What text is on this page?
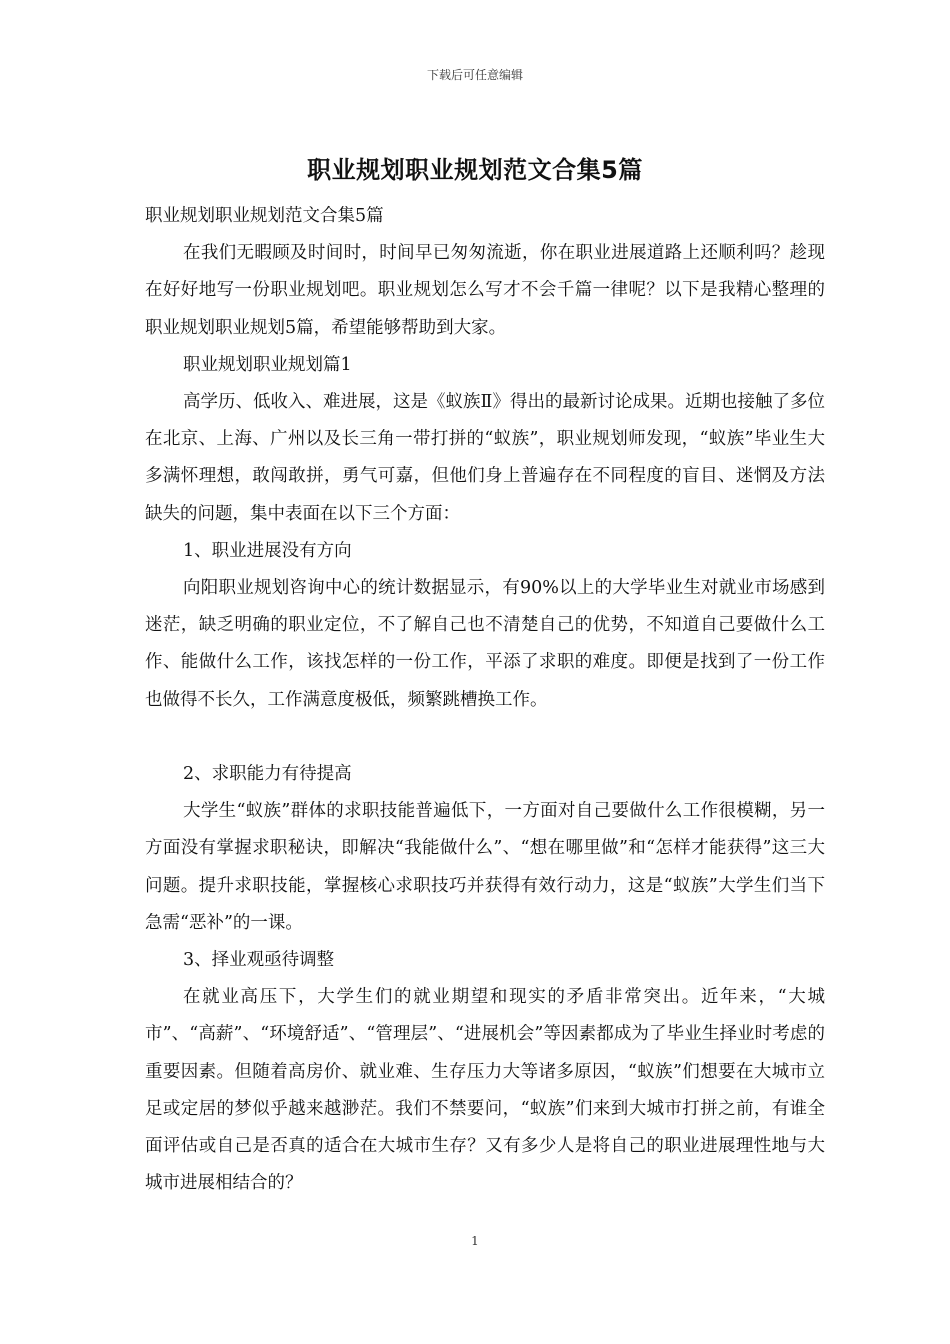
下载后可任意编辑
职业规划职业规划范文合集5篇

职业规划职业规划范文合集5篇

在我们无暇顾及时间时，时间早已匆匆流逝，你在职业进展道路上还顺利吗？趁现在好好地写一份职业规划吧。职业规划怎么写才不会千篇一律呢？以下是我精心整理的职业规划职业规划5篇，希望能够帮助到大家。

职业规划职业规划篇1

高学历、低收入、难进展，这是《蚁族Ⅱ》得出的最新讨论成果。近期也接触了多位在北京、上海、广州以及长三角一带打拼的“蚁族”，职业规划师发现，“蚁族”毕业生大多满怀理想，敢闯敢拼，勇气可嘉，但他们身上普遍存在不同程度的盲目、迷惘及方法缺失的问题，集中表面在以下三个方面：

1、职业进展没有方向

向阳职业规划咨询中心的统计数据显示，有90%以上的大学毕业生对就业市场感到迷茫，缺乏明确的职业定位，不了解自己也不清楚自己的优势，不知道自己要做什么工作、能做什么工作，该找怎样的一份工作，平添了求职的难度。即便是找到了一份工作也做得不长久，工作满意度极低，频繁跳槽换工作。

2、求职能力有待提高

大学生“蚁族”群体的求职技能普遍低下，一方面对自己要做什么工作很模糊，另一方面没有掌握求职秘诀，即解决“我能做什么”、“想在哪里做”和“怎样才能获得”这三大问题。提升求职技能，掌握核心求职技巧并获得有效行动力，这是“蚁族”大学生们当下急需“恶补”的一课。

3、择业观亟待调整

在就业高压下，大学生们的就业期望和现实的矛盾非常突出。近年来，“大城市”、“高薪”、“环境舒适”、“管理层”、“进展机会”等因素都成为了毕业生择业时考虑的重要因素。但随着高房价、就业难、生存压力大等诸多原因，“蚁族”们想要在大城市立足或定居的梦似乎越来越渺茫。我们不禁要问，“蚁族”们来到大城市打拼之前，有谁全面评估或自己是否真的适合在大城市生存？又有多少人是将自己的职业进展理性地与大城市进展相结合的？

1
